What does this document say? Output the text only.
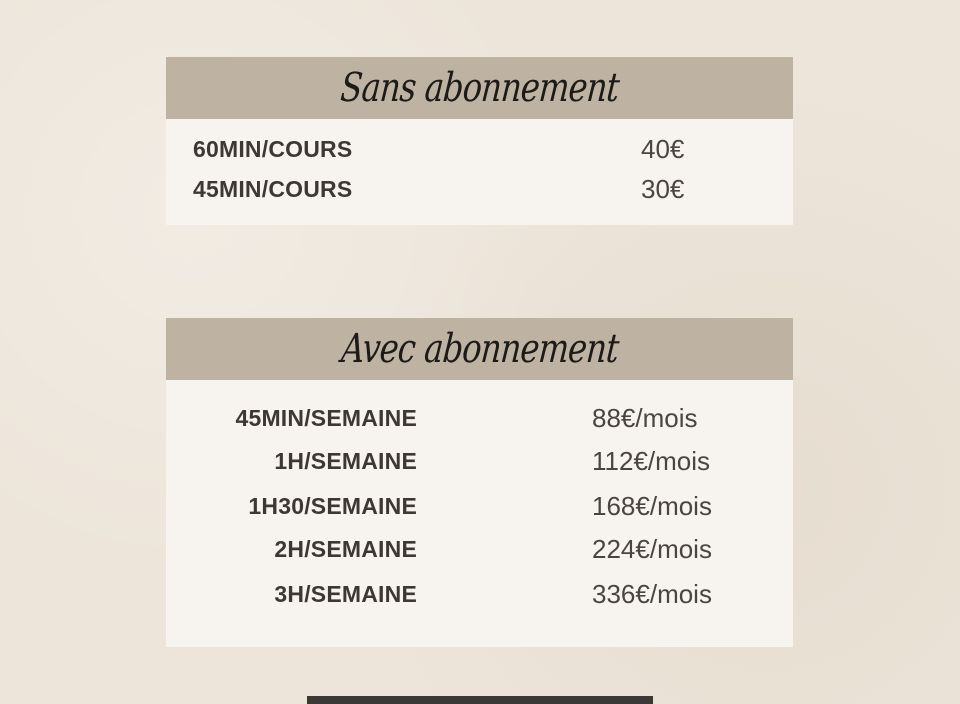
Sans abonnement
60MIN/COURS	40€
45MIN/COURS	30€
Avec abonnement
45MIN/SEMAINE	88€/mois
1H/SEMAINE	112€/mois
1H30/SEMAINE	168€/mois
2H/SEMAINE	224€/mois
3H/SEMAINE	336€/mois
